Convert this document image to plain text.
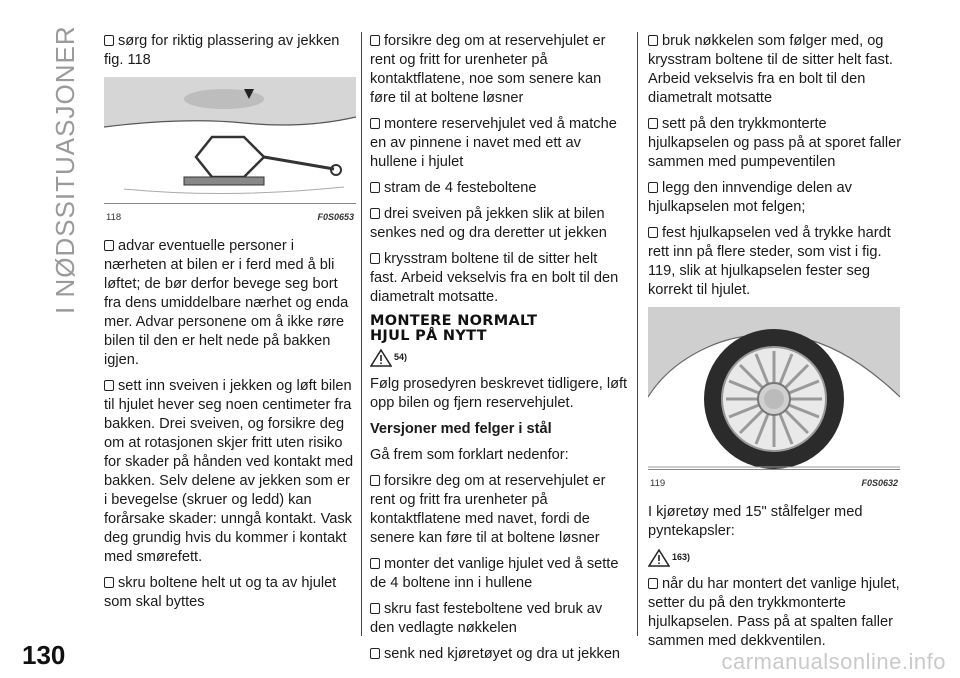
I NØDSSITUASJONER
130	carmanualsonline.info

sørg for riktig plassering av jekken fig. 118

118	F0S0653

advar eventuelle personer i nærheten at bilen er i ferd med å bli løftet; de bør derfor bevege seg bort fra dens umiddelbare nærhet og enda mer. Advar personene om å ikke røre bilen til den er helt nede på bakken igjen.

sett inn sveiven i jekken og løft bilen til hjulet hever seg noen centimeter fra bakken. Drei sveiven, og forsikre deg om at rotasjonen skjer fritt uten risiko for skader på hånden ved kontakt med bakken. Selv delene av jekken som er i bevegelse (skruer og ledd) kan forårsake skader: unngå kontakt. Vask deg grundig hvis du kommer i kontakt med smørefett.

skru boltene helt ut og ta av hjulet som skal byttes

forsikre deg om at reservehjulet er rent og fritt for urenheter på kontaktflatene, noe som senere kan føre til at boltene løsner

montere reservehjulet ved å matche en av pinnene i navet med ett av hullene i hjulet

stram de 4 festeboltene

drei sveiven på jekken slik at bilen senkes ned og dra deretter ut jekken

krysstram boltene til de sitter helt fast. Arbeid vekselvis fra en bolt til den diametralt motsatte.

MONTERE NORMALT
HJUL PÅ NYTT
54)

Følg prosedyren beskrevet tidligere, løft opp bilen og fjern reservehjulet.

Versjoner med felger i stål

Gå frem som forklart nedenfor:

forsikre deg om at reservehjulet er rent og fritt fra urenheter på kontaktflatene med navet, fordi de senere kan føre til at boltene løsner

monter det vanlige hjulet ved å sette de 4 boltene inn i hullene

skru fast festeboltene ved bruk av den vedlagte nøkkelen

senk ned kjøretøyet og dra ut jekken

bruk nøkkelen som følger med, og krysstram boltene til de sitter helt fast. Arbeid vekselvis fra en bolt til den diametralt motsatte

sett på den trykkmonterte hjulkapselen og pass på at sporet faller sammen med pumpeventilen

legg den innvendige delen av hjulkapselen mot felgen;

fest hjulkapselen ved å trykke hardt rett inn på flere steder, som vist i fig. 119, slik at hjulkapselen fester seg korrekt til hjulet.

119	F0S0632

I kjøretøy med 15" stålfelger med pyntekapsler:

163)

når du har montert det vanlige hjulet, setter du på den trykkmonterte hjulkapselen. Pass på at spalten faller sammen med dekkventilen.
